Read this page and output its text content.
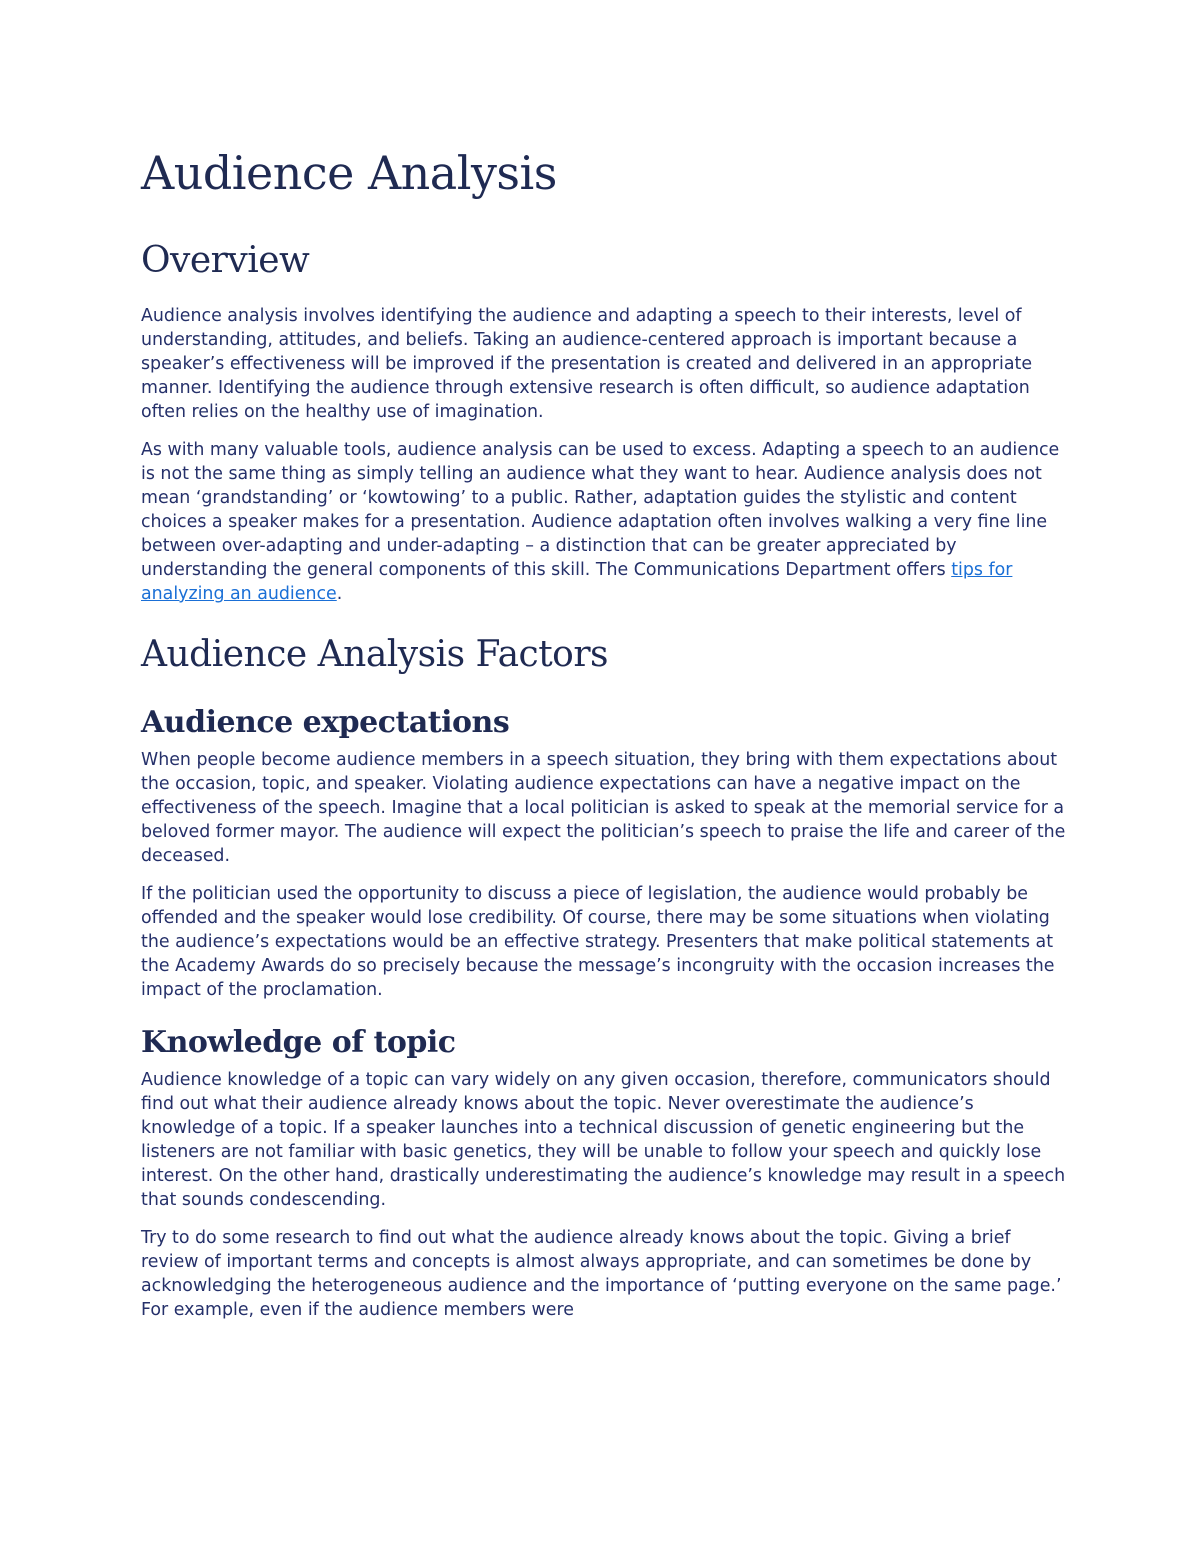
Audience Analysis
Overview

Audience analysis involves identifying the audience and adapting a speech to their interests, level of understanding, attitudes, and beliefs. Taking an audience-centered approach is important because a speaker’s effectiveness will be improved if the presentation is created and delivered in an appropriate manner. Identifying the audience through extensive research is often difficult, so audience adaptation often relies on the healthy use of imagination.

As with many valuable tools, audience analysis can be used to excess. Adapting a speech to an audience is not the same thing as simply telling an audience what they want to hear. Audience analysis does not mean ‘grandstanding’ or ‘kowtowing’ to a public. Rather, adaptation guides the stylistic and content choices a speaker makes for a presentation. Audience adaptation often involves walking a very fine line between over-adapting and under-adapting – a distinction that can be greater appreciated by understanding the general components of this skill. The Communications Department offers tips for analyzing an audience.

Audience Analysis Factors
Audience expectations

When people become audience members in a speech situation, they bring with them expectations about the occasion, topic, and speaker. Violating audience expectations can have a negative impact on the effectiveness of the speech. Imagine that a local politician is asked to speak at the memorial service for a beloved former mayor. The audience will expect the politician’s speech to praise the life and career of the deceased.

If the politician used the opportunity to discuss a piece of legislation, the audience would probably be offended and the speaker would lose credibility. Of course, there may be some situations when violating the audience’s expectations would be an effective strategy. Presenters that make political statements at the Academy Awards do so precisely because the message’s incongruity with the occasion increases the impact of the proclamation.

Knowledge of topic

Audience knowledge of a topic can vary widely on any given occasion, therefore, communicators should find out what their audience already knows about the topic. Never overestimate the audience’s knowledge of a topic. If a speaker launches into a technical discussion of genetic engineering but the listeners are not familiar with basic genetics, they will be unable to follow your speech and quickly lose interest. On the other hand, drastically underestimating the audience’s knowledge may result in a speech that sounds condescending.

Try to do some research to find out what the audience already knows about the topic. Giving a brief review of important terms and concepts is almost always appropriate, and can sometimes be done by acknowledging the heterogeneous audience and the importance of ‘putting everyone on the same page.’ For example, even if the audience members were
